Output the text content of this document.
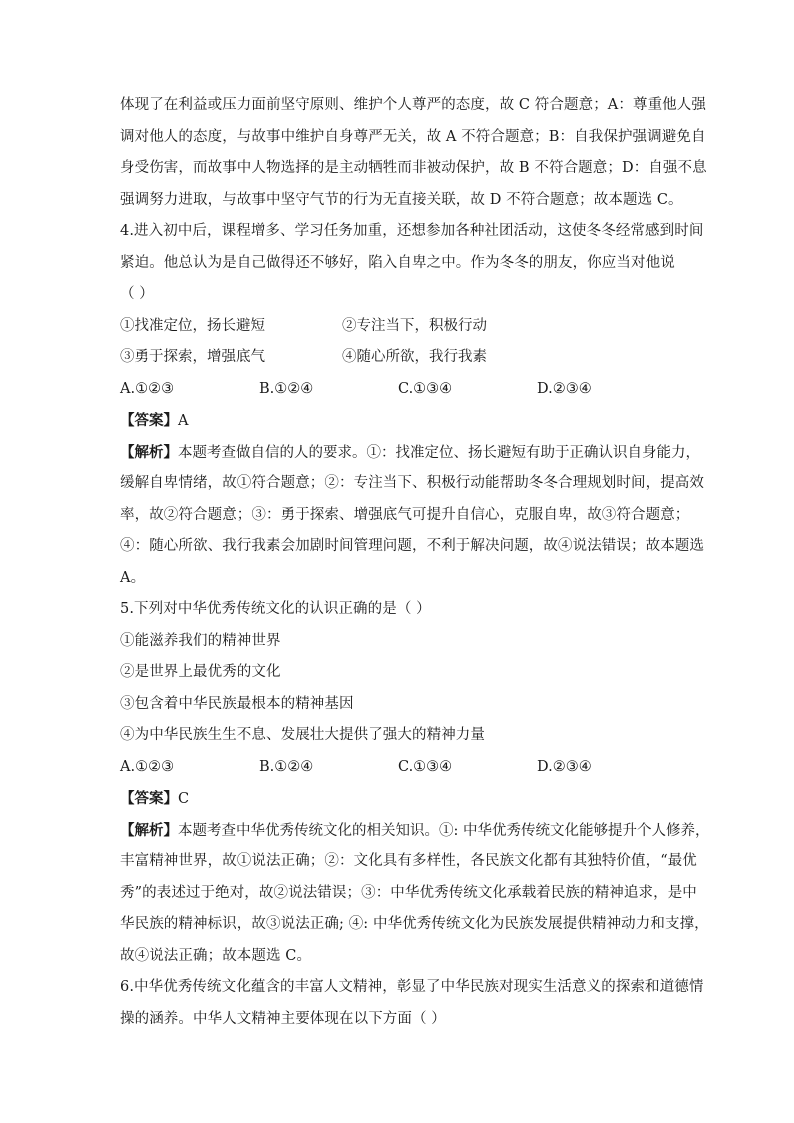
体现了在利益或压力面前坚守原则、维护个人尊严的态度，故 C 符合题意；A：尊重他人强
调对他人的态度，与故事中维护自身尊严无关，故 A 不符合题意；B：自我保护强调避免自
身受伤害，而故事中人物选择的是主动牺牲而非被动保护，故 B 不符合题意；D：自强不息
强调努力进取，与故事中坚守气节的行为无直接关联，故 D 不符合题意；故本题选 C。
4.进入初中后，课程增多、学习任务加重，还想参加各种社团活动，这使冬冬经常感到时间
紧迫。他总认为是自己做得还不够好，陷入自卑之中。作为冬冬的朋友，你应当对他说
（ ）
①找准定位，扬长避短	②专注当下，积极行动
③勇于探索，增强底气	④随心所欲，我行我素
A.①②③	B.①②④	C.①③④	D.②③④
【答案】A
【解析】本题考查做自信的人的要求。①：找准定位、扬长避短有助于正确认识自身能力，
缓解自卑情绪，故①符合题意；②：专注当下、积极行动能帮助冬冬合理规划时间，提高效
率，故②符合题意；③：勇于探索、增强底气可提升自信心，克服自卑，故③符合题意；
④：随心所欲、我行我素会加剧时间管理问题，不利于解决问题，故④说法错误；故本题选
A。
5.下列对中华优秀传统文化的认识正确的是（ ）
①能滋养我们的精神世界
②是世界上最优秀的文化
③包含着中华民族最根本的精神基因
④为中华民族生生不息、发展壮大提供了强大的精神力量
A.①②③	B.①②④	C.①③④	D.②③④
【答案】C
【解析】本题考查中华优秀传统文化的相关知识。①: 中华优秀传统文化能够提升个人修养，
丰富精神世界，故①说法正确；②：文化具有多样性，各民族文化都有其独特价值，“最优
秀”的表述过于绝对，故②说法错误；③：中华优秀传统文化承载着民族的精神追求，是中
华民族的精神标识，故③说法正确; ④: 中华优秀传统文化为民族发展提供精神动力和支撑，
故④说法正确；故本题选 C。
6.中华优秀传统文化蕴含的丰富人文精神，彰显了中华民族对现实生活意义的探索和道德情
操的涵养。中华人文精神主要体现在以下方面（ ）
